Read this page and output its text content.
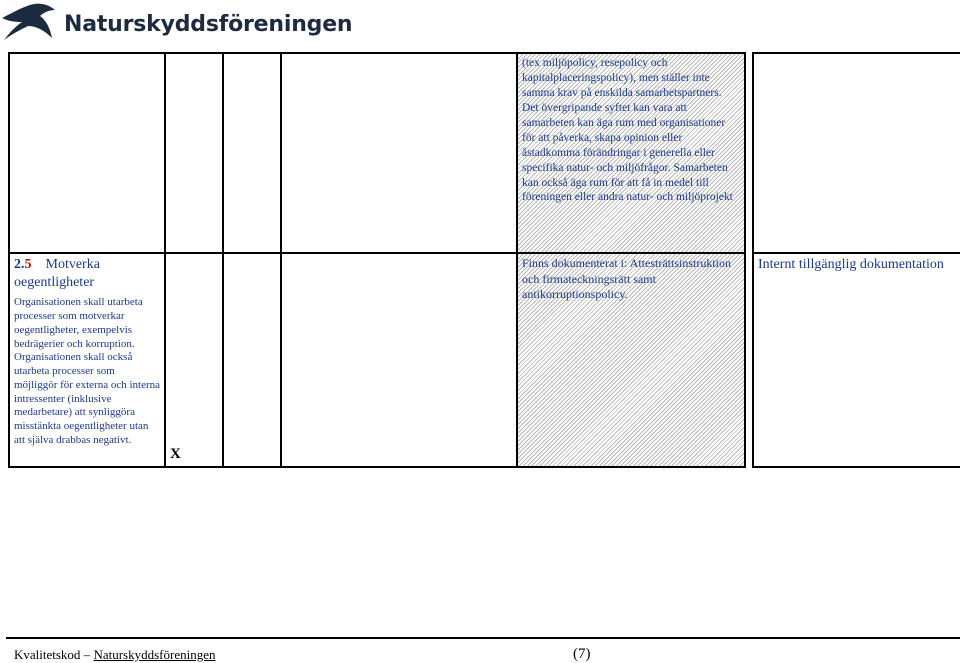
Naturskyddsföreningen
				(tex miljöpolicy, resepolicy och kapitalplaceringspolicy), men ställer inte samma krav på enskilda samarbetspartners. Det övergripande syftet kan vara att samarbeten kan äga rum med organisationer för att påverka, skapa opinion eller åstadkomma förändringar i generella eller specifika natur- och miljöfrågor. Samarbeten kan också äga rum för att få in medel till föreningen eller andra natur- och miljöprojekt		

2.5 Motverka oegentligheter
Organisationen skall utarbeta processer som motverkar oegentligheter, exempelvis bedrägerier och korruption. Organisationen skall också utarbeta processer som möjliggör för externa och interna intressenter (inklusive medarbetare) att synliggöra misstänkta oegentligheter utan att själva drabbas negativt.	X			Finns dokumenterat i: Attesträttsinstruktion och firmateckningsrätt samt antikorruptionspolicy.		Internt tillgänglig dokumentation
Kvalitetskod – Naturskyddsföreningen	(7)
